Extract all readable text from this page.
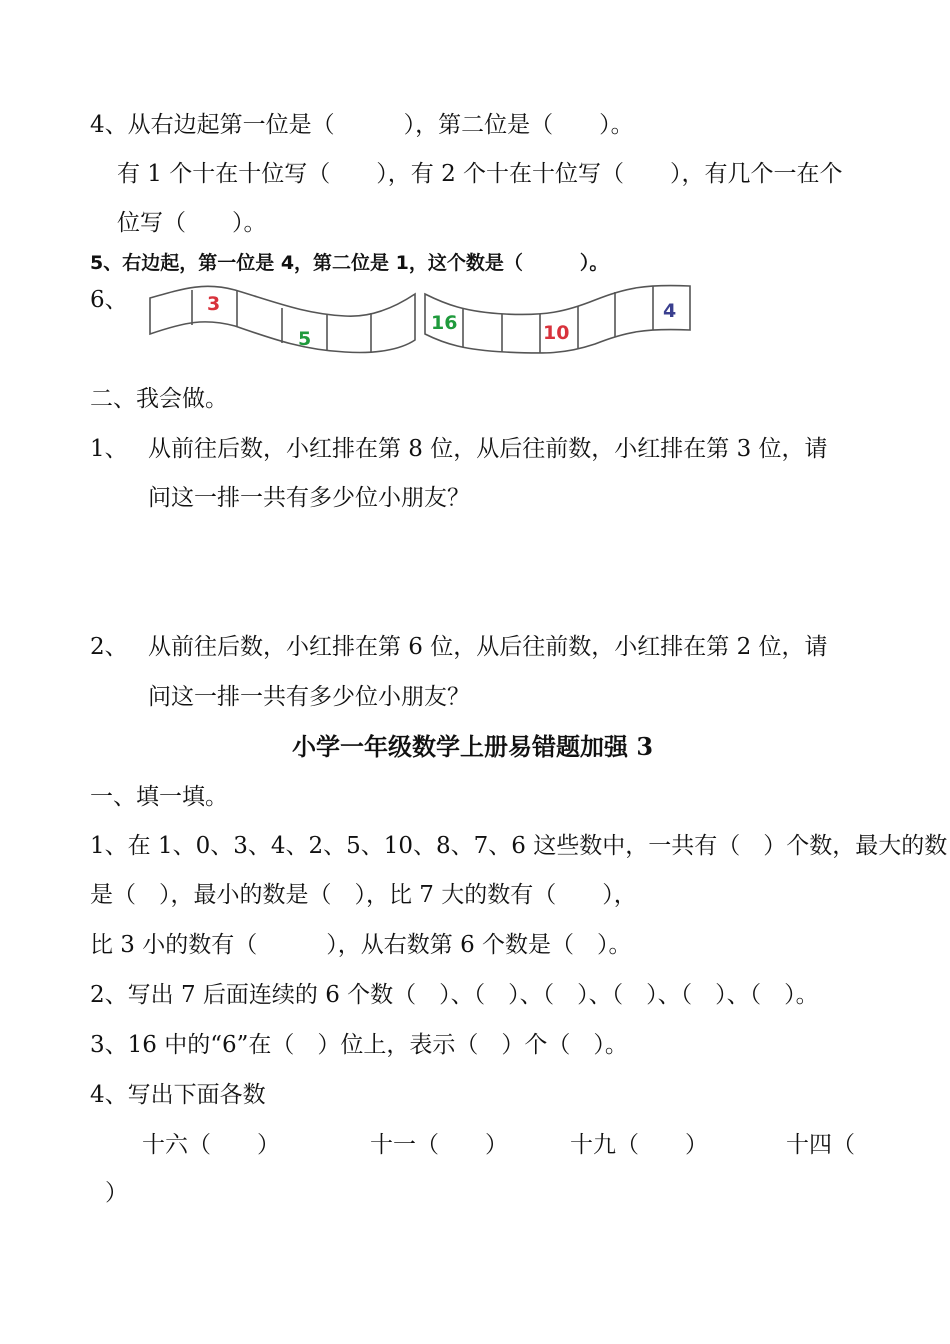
4、从右边起第一位是（　　　），第二位是（　　）。
有 1 个十在十位写（　　），有 2 个十在十位写（　　），有几个一在个
位写（　　）。
5、右边起，第一位是 4，第二位是 1，这个数是（　　　）。
6、	3
5
16	10
4
二、我会做。
1、 从前往后数，小红排在第 8 位，从后往前数，小红排在第 3 位，请
问这一排一共有多少位小朋友？
2、 从前往后数，小红排在第 6 位，从后往前数，小红排在第 2 位，请
问这一排一共有多少位小朋友？
小学一年级数学上册易错题加强 3
一、填一填。
1、在 1、0、3、4、2、5、10、8、7、6 这些数中，一共有（　）个数，最大的数
是（　），最小的数是（　），比 7 大的数有（　　），
比 3 小的数有（　　　），从右数第 6 个数是（　）。
2、写出 7 后面连续的 6 个数（　）、（　）、（　）、（　）、（　）、（　）。
3、16 中的“6”在（　）位上，表示（　）个（　）。
4、写出下面各数
十六（　　）	十一（　　）	十九（　　）	十四（
）
